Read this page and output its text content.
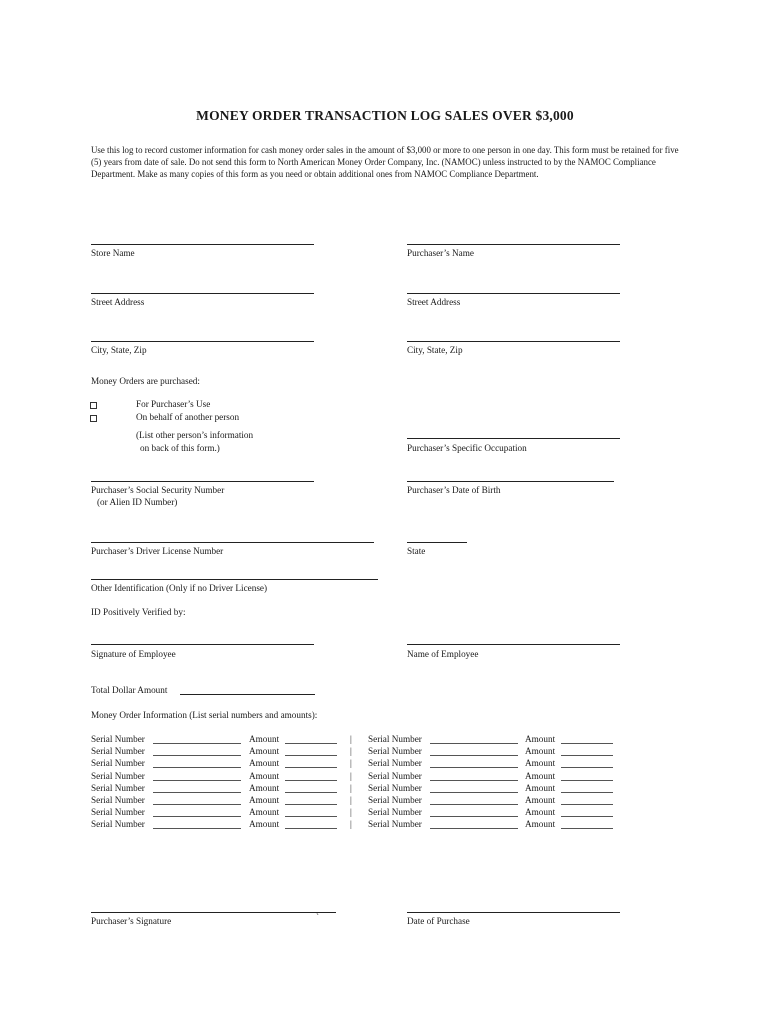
MONEY ORDER TRANSACTION LOG SALES OVER $3,000
Use this log to record customer information for cash money order sales in the amount of $3,000 or more to one person in one day. This form must be retained for five (5) years from date of sale. Do not send this form to North American Money Order Company, Inc. (NAMOC) unless instructed to by the NAMOC Compliance Department. Make as many copies of this form as you need or obtain additional ones from NAMOC Compliance Department.
Store Name	Purchaser’s Name
Street Address	Street Address
City, State, Zip	City, State, Zip
Money Orders are purchased:
For Purchaser’s Use
On behalf of another person
(List other person’s information
on back of this form.)	Purchaser’s Specific Occupation
Purchaser’s Social Security Number
(or Alien ID Number)
Purchaser’s Date of Birth
Purchaser’s Driver License Number	State
Other Identification (Only if no Driver License)
ID Positively Verified by:
Signature of Employee	Name of Employee
Total Dollar Amount
Money Order Information (List serial numbers and amounts):
Serial Number	Amount	Serial Number	Amount
|
Serial Number	Amount	Serial Number	Amount
|
Serial Number	Amount	Serial Number	Amount
|
Serial Number	Amount	Serial Number	Amount
|
Serial Number	Amount	Serial Number	Amount
|
Serial Number	Amount	Serial Number	Amount
|
Serial Number	Amount	Serial Number	Amount
|
Serial Number	Amount	Serial Number	Amount
|
Purchaser’s Signature	`	Date of Purchase
